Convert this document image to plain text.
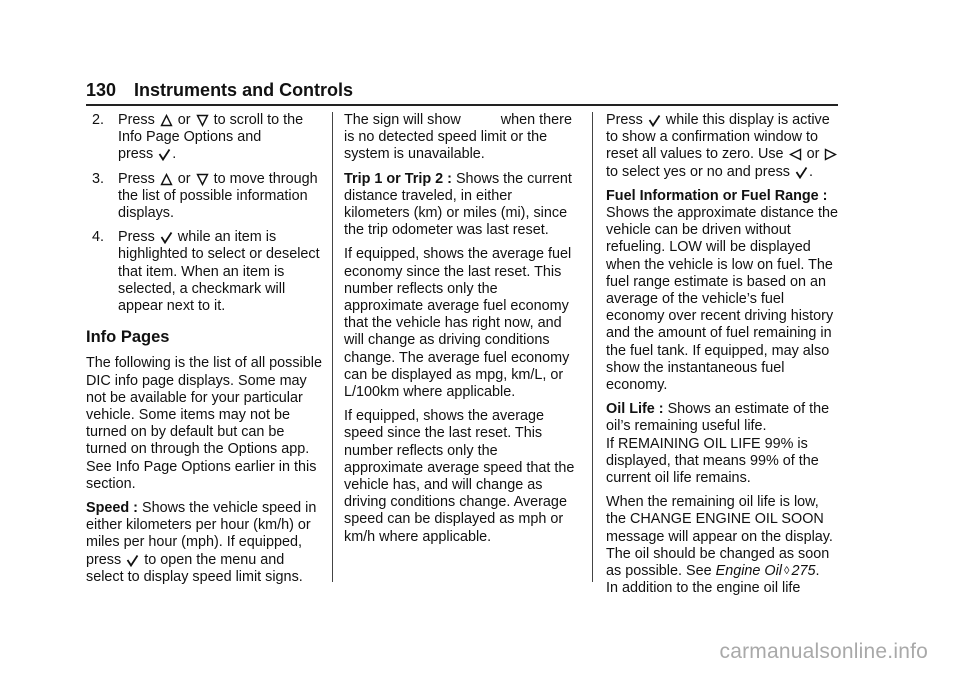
130 Instruments and Controls
2. Press or to scroll to the Info Page Options and
press .
3. Press or to move through the list of possible information displays.
4. Press while an item is highlighted to select or deselect that item. When an item is selected, a checkmark will appear next to it.
Info Pages

The following is the list of all possible DIC info page displays. Some may not be available for your particular vehicle. Some items may not be turned on by default but can be turned on through the Options app. See Info Page Options earlier in this section.

Speed : Shows the vehicle speed in either kilometers per hour (km/h) or miles per hour (mph). If equipped,
press to open the menu and
select to display speed limit signs.

The sign will show	when there
is no detected speed limit or the
system is unavailable.

Trip 1 or Trip 2 : Shows the current distance traveled, in either kilometers (km) or miles (mi), since the trip odometer was last reset.

If equipped, shows the average fuel economy since the last reset. This number reflects only the approximate average fuel economy that the vehicle has right now, and will change as driving conditions change. The average fuel economy can be displayed as mpg, km/L, or L/100km where applicable.

If equipped, shows the average speed since the last reset. This number reflects only the approximate average speed that the vehicle has, and will change as driving conditions change. Average speed can be displayed as mph or km/h where applicable.

Press while this display is active
to show a confirmation window to
reset all values to zero. Use or
to select yes or no and press .

Fuel Information or Fuel Range :
Shows the approximate distance the vehicle can be driven without refueling. LOW will be displayed when the vehicle is low on fuel. The fuel range estimate is based on an average of the vehicle’s fuel economy over recent driving history and the amount of fuel remaining in the fuel tank. If equipped, may also show the instantaneous fuel economy.

Oil Life : Shows an estimate of the oil’s remaining useful life.
If REMAINING OIL LIFE 99% is displayed, that means 99% of the current oil life remains.

When the remaining oil life is low, the CHANGE ENGINE OIL SOON message will appear on the display. The oil should be changed as soon as possible. See Engine Oil ◊ 275.
In addition to the engine oil life

carmanualsonline.info
